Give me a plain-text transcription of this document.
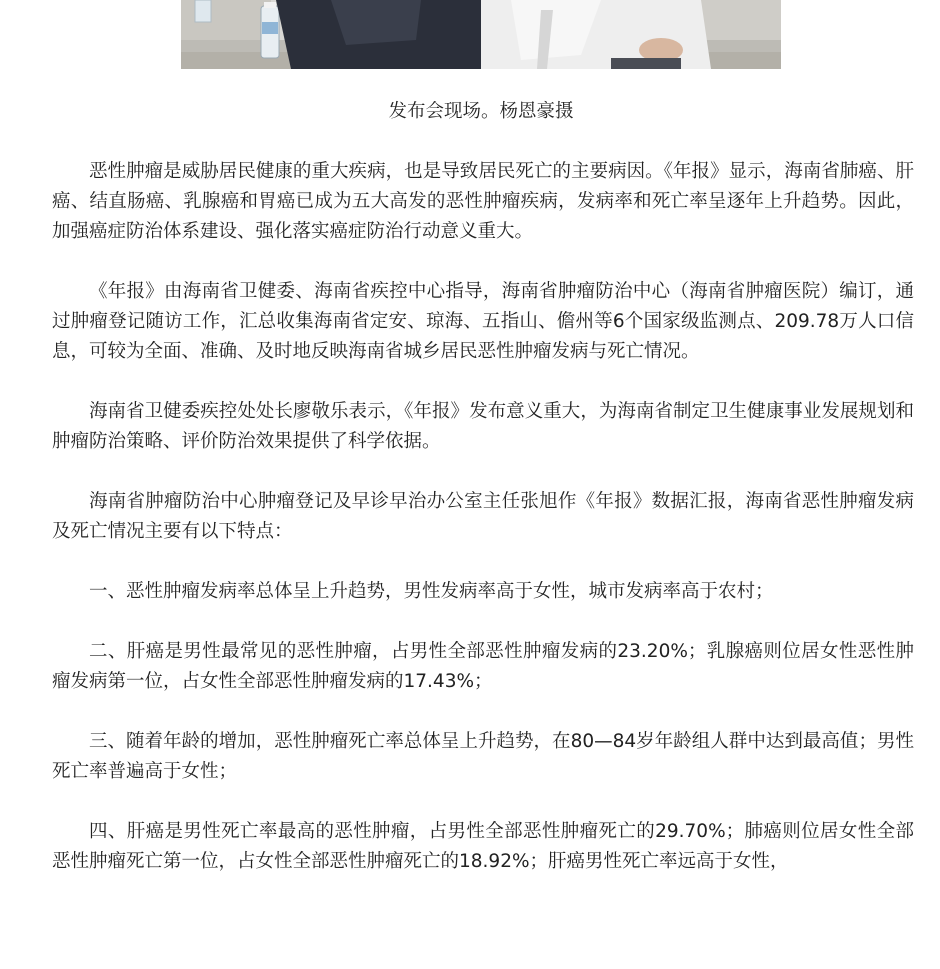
发布会现场。杨恩豪摄

恶性肿瘤是威胁居民健康的重大疾病，也是导致居民死亡的主要病因。《年报》显示，海南省肺癌、肝癌、结直肠癌、乳腺癌和胃癌已成为五大高发的恶性肿瘤疾病，发病率和死亡率呈逐年上升趋势。因此，加强癌症防治体系建设、强化落实癌症防治行动意义重大。

《年报》由海南省卫健委、海南省疾控中心指导，海南省肿瘤防治中心（海南省肿瘤医院）编订，通过肿瘤登记随访工作，汇总收集海南省定安、琼海、五指山、儋州等6个国家级监测点、209.78万人口信息，可较为全面、准确、及时地反映海南省城乡居民恶性肿瘤发病与死亡情况。

海南省卫健委疾控处处长廖敬乐表示，《年报》发布意义重大，为海南省制定卫生健康事业发展规划和肿瘤防治策略、评价防治效果提供了科学依据。

海南省肿瘤防治中心肿瘤登记及早诊早治办公室主任张旭作《年报》数据汇报，海南省恶性肿瘤发病及死亡情况主要有以下特点：

一、恶性肿瘤发病率总体呈上升趋势，男性发病率高于女性，城市发病率高于农村；

二、肝癌是男性最常见的恶性肿瘤，占男性全部恶性肿瘤发病的23.20%；乳腺癌则位居女性恶性肿瘤发病第一位，占女性全部恶性肿瘤发病的17.43%；

三、随着年龄的增加，恶性肿瘤死亡率总体呈上升趋势，在80—84岁年龄组人群中达到最高值；男性死亡率普遍高于女性；

四、肝癌是男性死亡率最高的恶性肿瘤，占男性全部恶性肿瘤死亡的29.70%；肺癌则位居女性全部恶性肿瘤死亡第一位，占女性全部恶性肿瘤死亡的18.92%；肝癌男性死亡率远高于女性，
